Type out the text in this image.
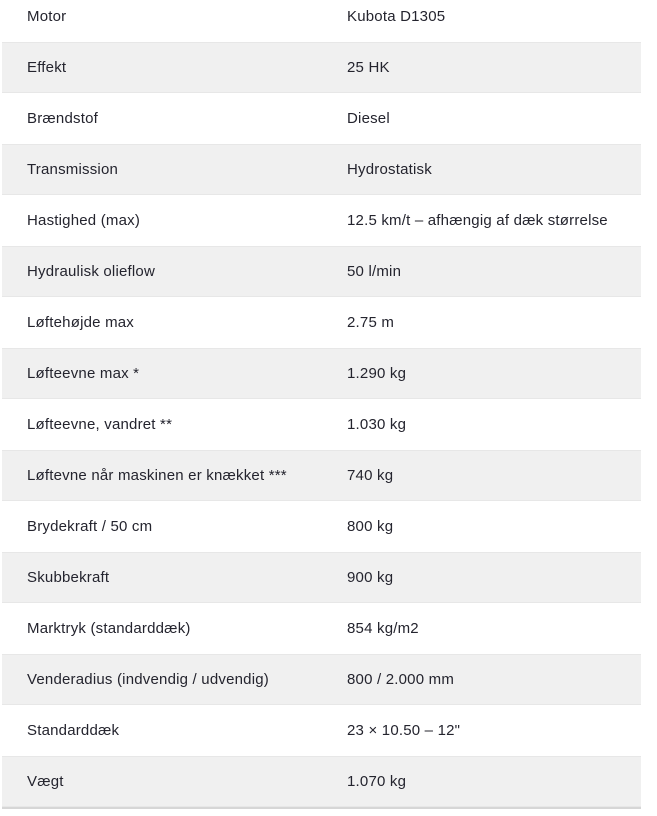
Motor	Kubota D1305
Effekt	25 HK
Brændstof	Diesel
Transmission	Hydrostatisk
Hastighed (max)	12.5 km/t – afhængig af dæk størrelse
Hydraulisk olieflow	50 l/min
Løftehøjde max	2.75 m
Løfteevne max *	1.290 kg
Løfteevne, vandret **	1.030 kg
Løftevne når maskinen er knækket ***	740 kg
Brydekraft / 50 cm	800 kg
Skubbekraft	900 kg
Marktryk (standarddæk)	854 kg/m2
Venderadius (indvendig / udvendig)	800 / 2.000 mm
Standarddæk	23 × 10.50 – 12"
Vægt	1.070 kg
